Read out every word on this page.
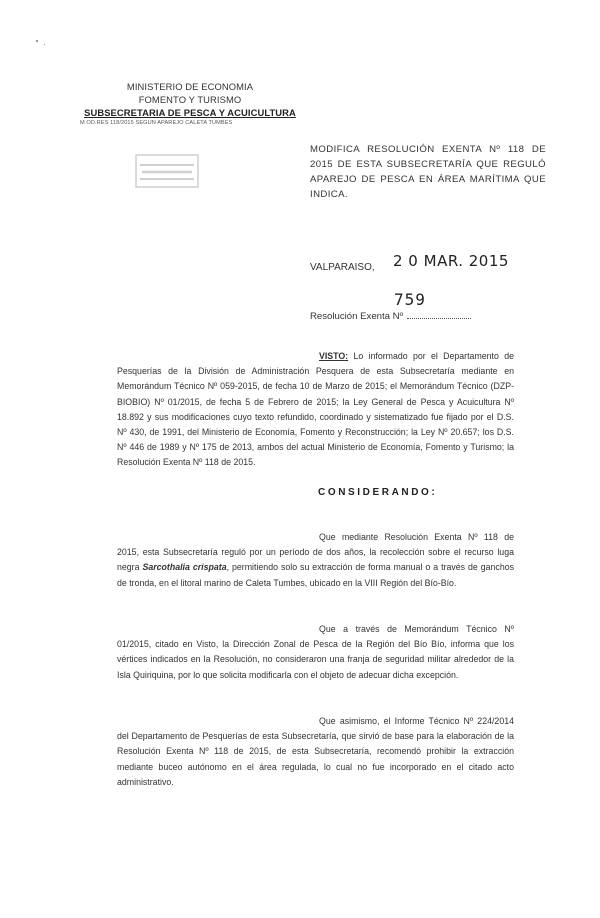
MINISTERIO DE ECONOMIA
FOMENTO Y TURISMO
SUBSECRETARIA DE PESCA Y ACUICULTURA
M OD.RES 118/2015 SEGUN APAREJO CALETA TUMBES
MODIFICA RESOLUCIÓN EXENTA Nº 118 DE 2015 DE ESTA SUBSECRETARÍA QUE REGULÓ APAREJO DE PESCA EN ÁREA MARÍTIMA QUE INDICA.
VALPARAISO, 2 0 MAR. 2015
759
Resolución Exenta Nº

VISTO: Lo informado por el Departamento de Pesquerías de la División de Administración Pesquera de esta Subsecretaría mediante en Memorándum Técnico Nº 059-2015, de fecha 10 de Marzo de 2015; el Memorándum Técnico (DZP-BIOBIO) Nº 01/2015, de fecha 5 de Febrero de 2015; la Ley General de Pesca y Acuicultura Nº 18.892 y sus modificaciones cuyo texto refundido, coordinado y sistematizado fue fijado por el D.S. Nº 430, de 1991, del Ministerio de Economía, Fomento y Reconstrucción; la Ley Nº 20.657; los D.S. Nº 446 de 1989 y Nº 175 de 2013, ambos del actual Ministerio de Economía, Fomento y Turismo; la Resolución Exenta Nº 118 de 2015.

CONSIDERANDO:

Que mediante Resolución Exenta Nº 118 de 2015, esta Subsecretaría reguló por un período de dos años, la recolección sobre el recurso luga negra Sarcothalia crispata, permitiendo solo su extracción de forma manual o a través de ganchos de tronda, en el litoral marino de Caleta Tumbes, ubicado en la VIII Región del Bío-Bío.

Que a través de Memorándum Técnico Nº 01/2015, citado en Visto, la Dirección Zonal de Pesca de la Región del Bío Bío, informa que los vértices indicados en la Resolución, no consideraron una franja de seguridad militar alrededor de la Isla Quiriquina, por lo que solicita modificarla con el objeto de adecuar dicha excepción.

Que asimismo, el Informe Técnico Nº 224/2014 del Departamento de Pesquerías de esta Subsecretaría, que sirvió de base para la elaboración de la Resolución Exenta Nº 118 de 2015, de esta Subsecretaría, recomendó prohibir la extracción mediante buceo autónomo en el área regulada, lo cual no fue incorporado en el citado acto administrativo.
